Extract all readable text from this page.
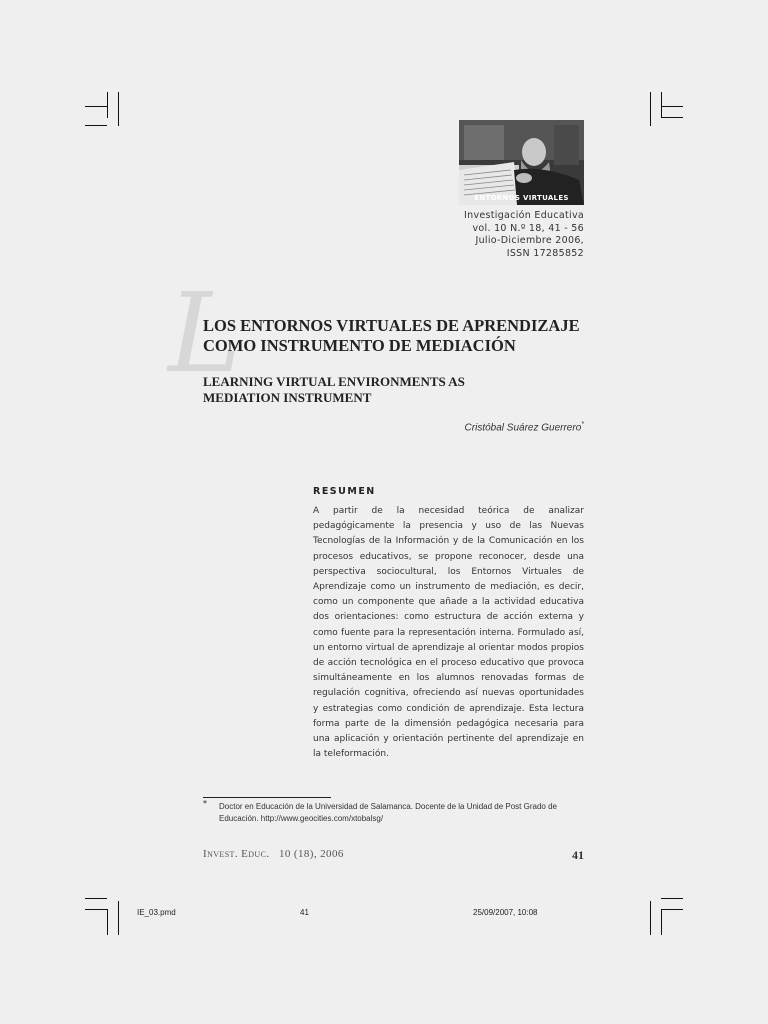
ENTORNOS VIRTUALES
Investigación Educativa
vol. 10 N.º 18, 41 - 56
Julio-Diciembre 2006,
ISSN 17285852
L
LOS ENTORNOS VIRTUALES DE APRENDIZAJE
COMO INSTRUMENTO DE MEDIACIÓN
LEARNING VIRTUAL ENVIRONMENTS AS
MEDIATION INSTRUMENT
Cristóbal Suárez Guerrero*
RESUMEN
A partir de la necesidad teórica de analizar pedagógicamente la presencia y uso de las Nuevas Tecnologías de la Información y de la Comunicación en los procesos educativos, se propone reconocer, desde una perspectiva sociocultural, los Entornos Virtuales de Aprendizaje como un instrumento de mediación, es decir, como un componente que añade a la actividad educativa dos orientaciones: como estructura de acción externa y como fuente para la representación interna. Formulado así, un entorno virtual de aprendizaje al orientar modos propios de acción tecnológica en el proceso educativo que provoca simultáneamente en los alumnos renovadas formas de regulación cognitiva, ofreciendo así nuevas oportunidades y estrategias como condición de aprendizaje. Esta lectura forma parte de la dimensión pedagógica necesaria para una aplicación y orientación pertinente del aprendizaje en la teleformación.
* Doctor en Educación de la Universidad de Salamanca. Docente de la Unidad de Post Grado de Educación. http://www.geocities.com/xtobalsg/
Invest. Educ. 10 (18), 2006	41
IE_03.pmd	41	25/09/2007, 10:08
